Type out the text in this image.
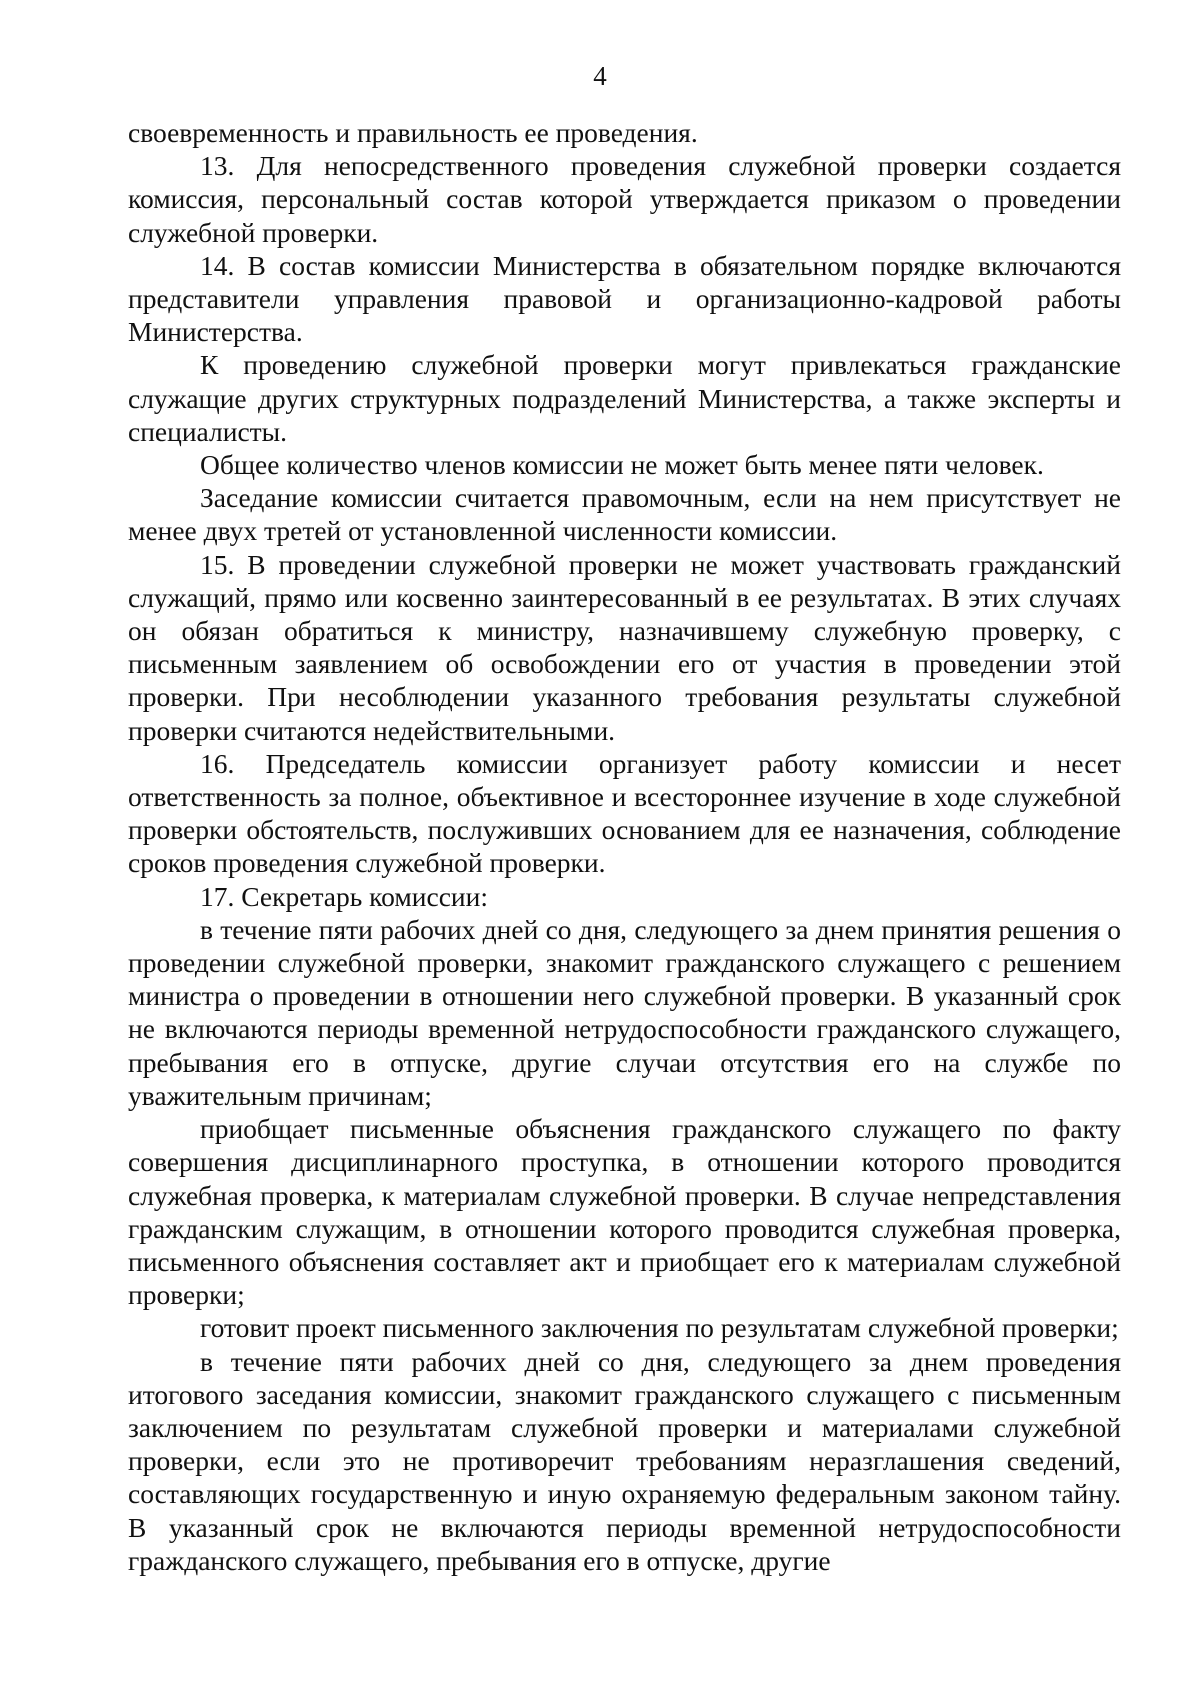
4

своевременность и правильность ее проведения.

13. Для непосредственного проведения служебной проверки создается комиссия, персональный состав которой утверждается приказом о проведении служебной проверки.

14. В состав комиссии Министерства в обязательном порядке включаются представители управления правовой и организационно-кадровой работы Министерства.

К проведению служебной проверки могут привлекаться гражданские служащие других структурных подразделений Министерства, а также эксперты и специалисты.

Общее количество членов комиссии не может быть менее пяти человек.

Заседание комиссии считается правомочным, если на нем присутствует не менее двух третей от установленной численности комиссии.

15. В проведении служебной проверки не может участвовать гражданский служащий, прямо или косвенно заинтересованный в ее результатах. В этих случаях он обязан обратиться к министру, назначившему служебную проверку, с письменным заявлением об освобождении его от участия в проведении этой проверки. При несоблюдении указанного требования результаты служебной проверки считаются недействительными.

16. Председатель комиссии организует работу комиссии и несет ответственность за полное, объективное и всестороннее изучение в ходе служебной проверки обстоятельств, послуживших основанием для ее назначения, соблюдение сроков проведения служебной проверки.

17. Секретарь комиссии:

в течение пяти рабочих дней со дня, следующего за днем принятия решения о проведении служебной проверки, знакомит гражданского служащего с решением министра о проведении в отношении него служебной проверки. В указанный срок не включаются периоды временной нетрудоспособности гражданского служащего, пребывания его в отпуске, другие случаи отсутствия его на службе по уважительным причинам;

приобщает письменные объяснения гражданского служащего по факту совершения дисциплинарного проступка, в отношении которого проводится служебная проверка, к материалам служебной проверки. В случае непредставления гражданским служащим, в отношении которого проводится служебная проверка, письменного объяснения составляет акт и приобщает его к материалам служебной проверки;

готовит проект письменного заключения по результатам служебной проверки;

в течение пяти рабочих дней со дня, следующего за днем проведения итогового заседания комиссии, знакомит гражданского служащего с письменным заключением по результатам служебной проверки и материалами служебной проверки, если это не противоречит требованиям неразглашения сведений, составляющих государственную и иную охраняемую федеральным законом тайну. В указанный срок не включаются периоды временной нетрудоспособности гражданского служащего, пребывания его в отпуске, другие
